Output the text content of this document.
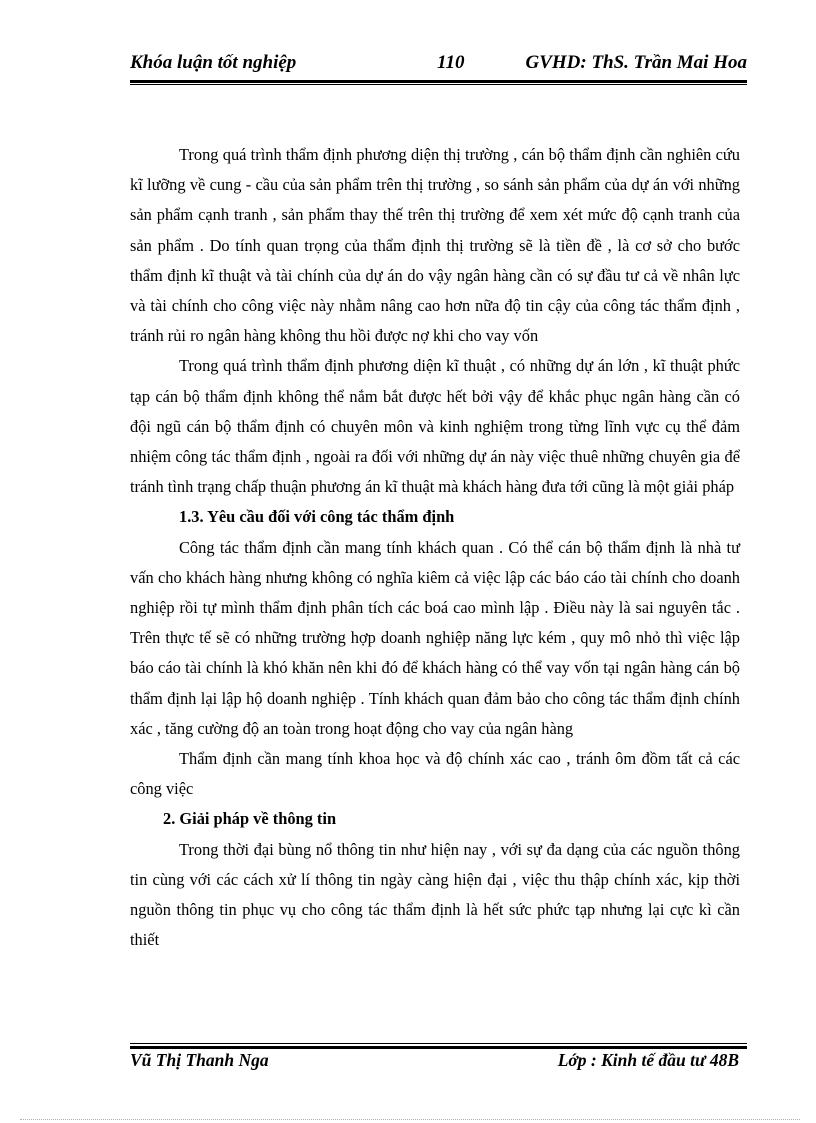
Khóa luận tốt nghiệp	110	GVHD: ThS. Trần Mai Hoa

Trong quá trình thẩm định phương diện thị trường , cán bộ thẩm định cần nghiên cứu kĩ lưỡng về cung - cầu của sản phẩm trên thị trường , so sánh sản phẩm của dự án với những sản phẩm cạnh tranh , sản phẩm thay thế trên thị trường để xem xét mức độ cạnh tranh của sản phẩm . Do tính quan trọng của thẩm định thị trường sẽ là tiền đề , là cơ sở cho bước thẩm định kĩ thuật và tài chính của dự án do vậy ngân hàng cần có sự đầu tư cả về nhân lực và tài chính cho công việc này nhằm nâng cao hơn nữa độ tin cậy của công tác thẩm định , tránh rủi ro ngân hàng không thu hồi được nợ khi cho vay vốn

Trong quá trình thẩm định phương diện kĩ thuật , có những dự án lớn , kĩ thuật phức tạp cán bộ thẩm định không thể nắm bắt được hết bởi vậy để khắc phục ngân hàng cần có đội ngũ cán bộ thẩm định có chuyên môn và kinh nghiệm trong từng lĩnh vực cụ thể đảm nhiệm công tác thẩm định , ngoài ra đối với những dự án này việc thuê những chuyên gia để tránh tình trạng chấp thuận phương án kĩ thuật mà khách hàng đưa tới cũng là một giải pháp

1.3. Yêu cầu đối với công tác thẩm định

Công tác thẩm định cần mang tính khách quan . Có thể cán bộ thẩm định là nhà tư vấn cho khách hàng nhưng không có nghĩa kiêm cả việc lập các báo cáo tài chính cho doanh nghiệp rồi tự mình thẩm định phân tích các boá cao mình lập . Điều này là sai nguyên tắc . Trên thực tế sẽ có những trường hợp doanh nghiệp năng lực kém , quy mô nhỏ thì việc lập báo cáo tài chính là khó khăn nên khi đó để khách hàng có thể vay vốn tại ngân hàng cán bộ thẩm định lại lập hộ doanh nghiệp . Tính khách quan đảm bảo cho công tác thẩm định chính xác , tăng cường độ an toàn trong hoạt động cho vay của ngân hàng

Thẩm định cần mang tính khoa học và độ chính xác cao , tránh ôm đồm tất cả các công việc

2. Giải pháp về thông tin

Trong thời đại bùng nổ thông tin như hiện nay , với sự đa dạng của các nguồn thông tin cùng với các cách xử lí thông tin ngày càng hiện đại , việc thu thập chính xác, kịp thời nguồn thông tin phục vụ cho công tác thẩm định là hết sức phức tạp nhưng lại cực kì cần thiết

Vũ Thị Thanh Nga	Lớp : Kinh tế đầu tư 48B
